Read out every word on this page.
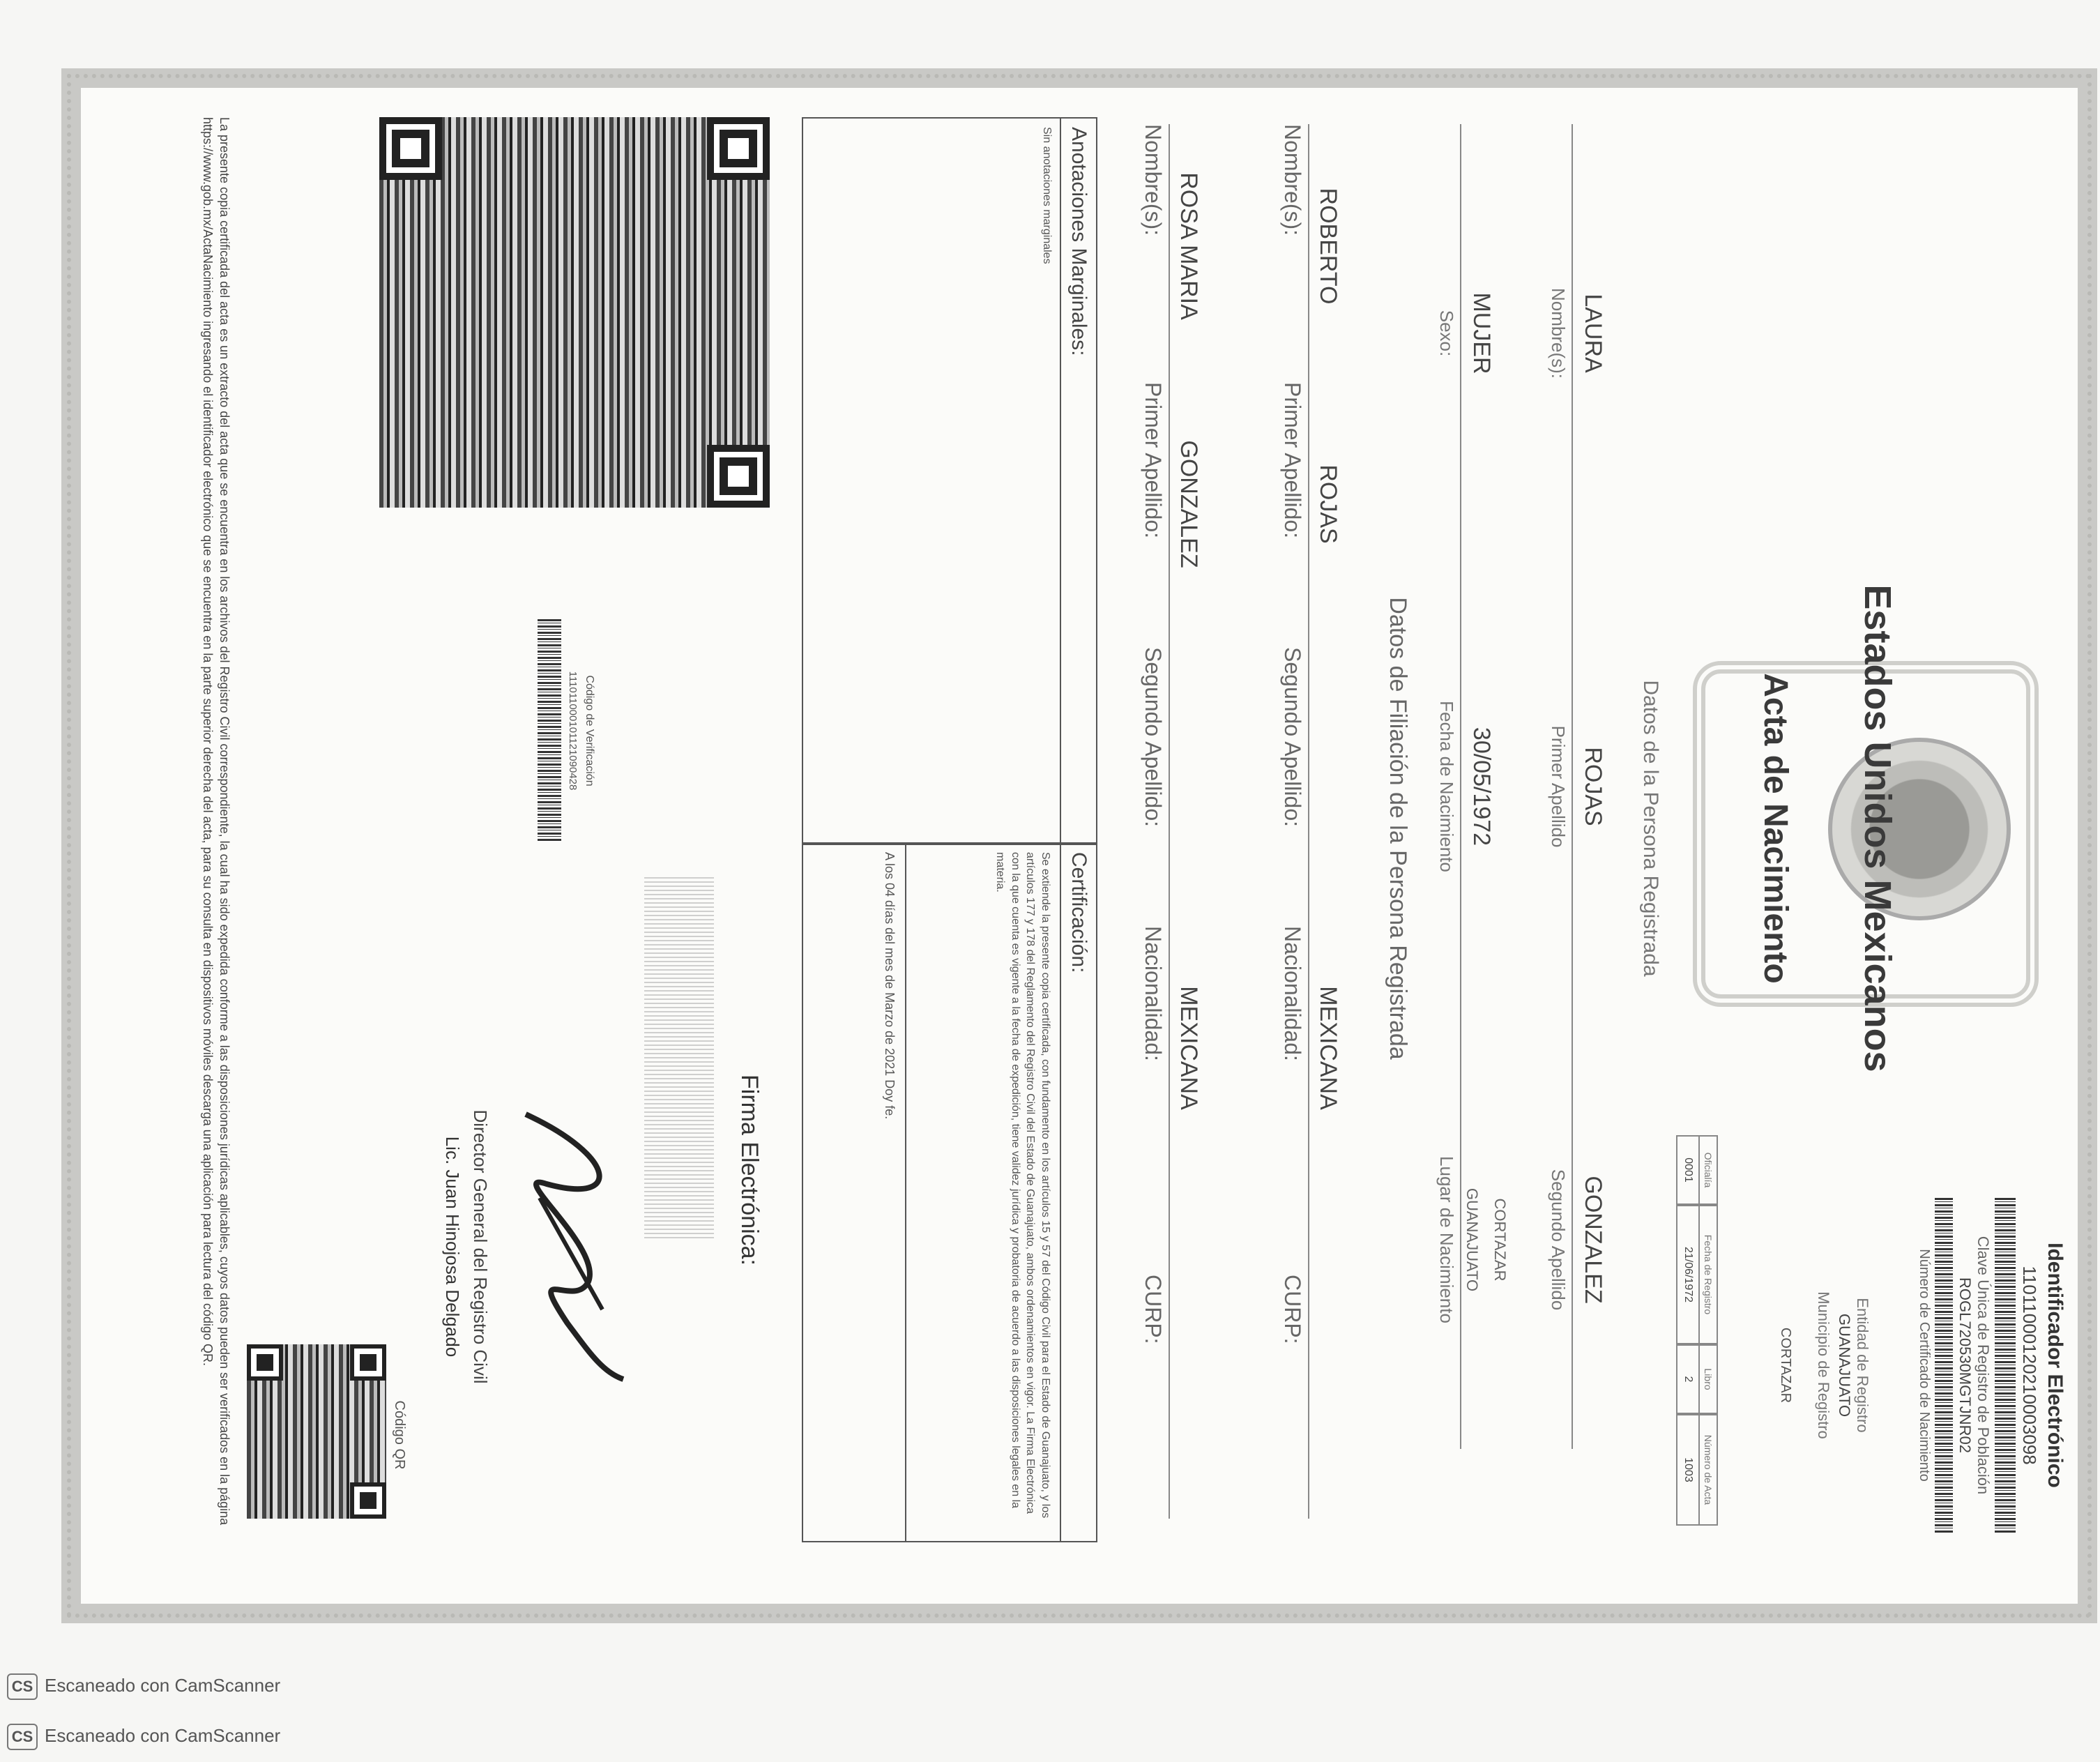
Estados Unidos Mexicanos
Acta de Nacimiento
Identificador Electrónico
11011000120210003098
Clave Única de Registro de Población
ROGL720530MGTJNR02
Número de Certificado de Nacimiento
Entidad de Registro
GUANAJUATO
Municipio de Registro
CORTAZAR
Oficialía
0001
Fecha de Registro
21/06/1972
Libro
2
Número de Acta
1003
Datos de la Persona Registrada
LAURA
ROJAS
GONZALEZ
Nombre(s):
Primer Apellido
Segundo Apellido
MUJER
30/05/1972
CORTAZAR
GUANAJUATO
Sexo:
Fecha de Nacimiento
Lugar de Nacimiento
Datos de Filiación de la Persona Registrada
ROBERTO
ROJAS
MEXICANA
Nombre(s):
Primer Apellido:
Segundo Apellido:
Nacionalidad:
CURP:
ROSA MARIA
GONZALEZ
MEXICANA
Nombre(s):
Primer Apellido:
Segundo Apellido:
Nacionalidad:
CURP:
Anotaciones Marginales:
Sin anotaciones marginales
Certificación:
Se extiende la presente copia certificada, con fundamento en los artículos 15 y 57 del Código Civil para el Estado de Guanajuato, y los artículos 177 y 178 del Reglamento del Registro Civil del Estado de Guanajuato, ambos ordenamientos en vigor. La Firma Electrónica con la que cuenta es vigente a la fecha de expedición, tiene validez jurídica y probatoria de acuerdo a las disposiciones legales en la materia.
A los 04 días del mes de Marzo de 2021 Doy fe.
Código de Verificación
111011000101121090428
Firma Electrónica:
Director General del Registro Civil
Lic. Juan Hinojosa Delgado
Código QR
La presente copia certificada del acta es un extracto del acta que se encuentra en los archivos del Registro Civil correspondiente, la cual ha sido expedida conforme a las disposiciones jurídicas aplicables, cuyos datos pueden ser verificados en la página https://www.gob.mx/ActaNacimiento ingresando el identificador electrónico que se encuentra en la parte superior derecha del acta, para su consulta en dispositivos móviles descarga una aplicación para lectura del código QR.
CS Escaneado con CamScanner
CS Escaneado con CamScanner
